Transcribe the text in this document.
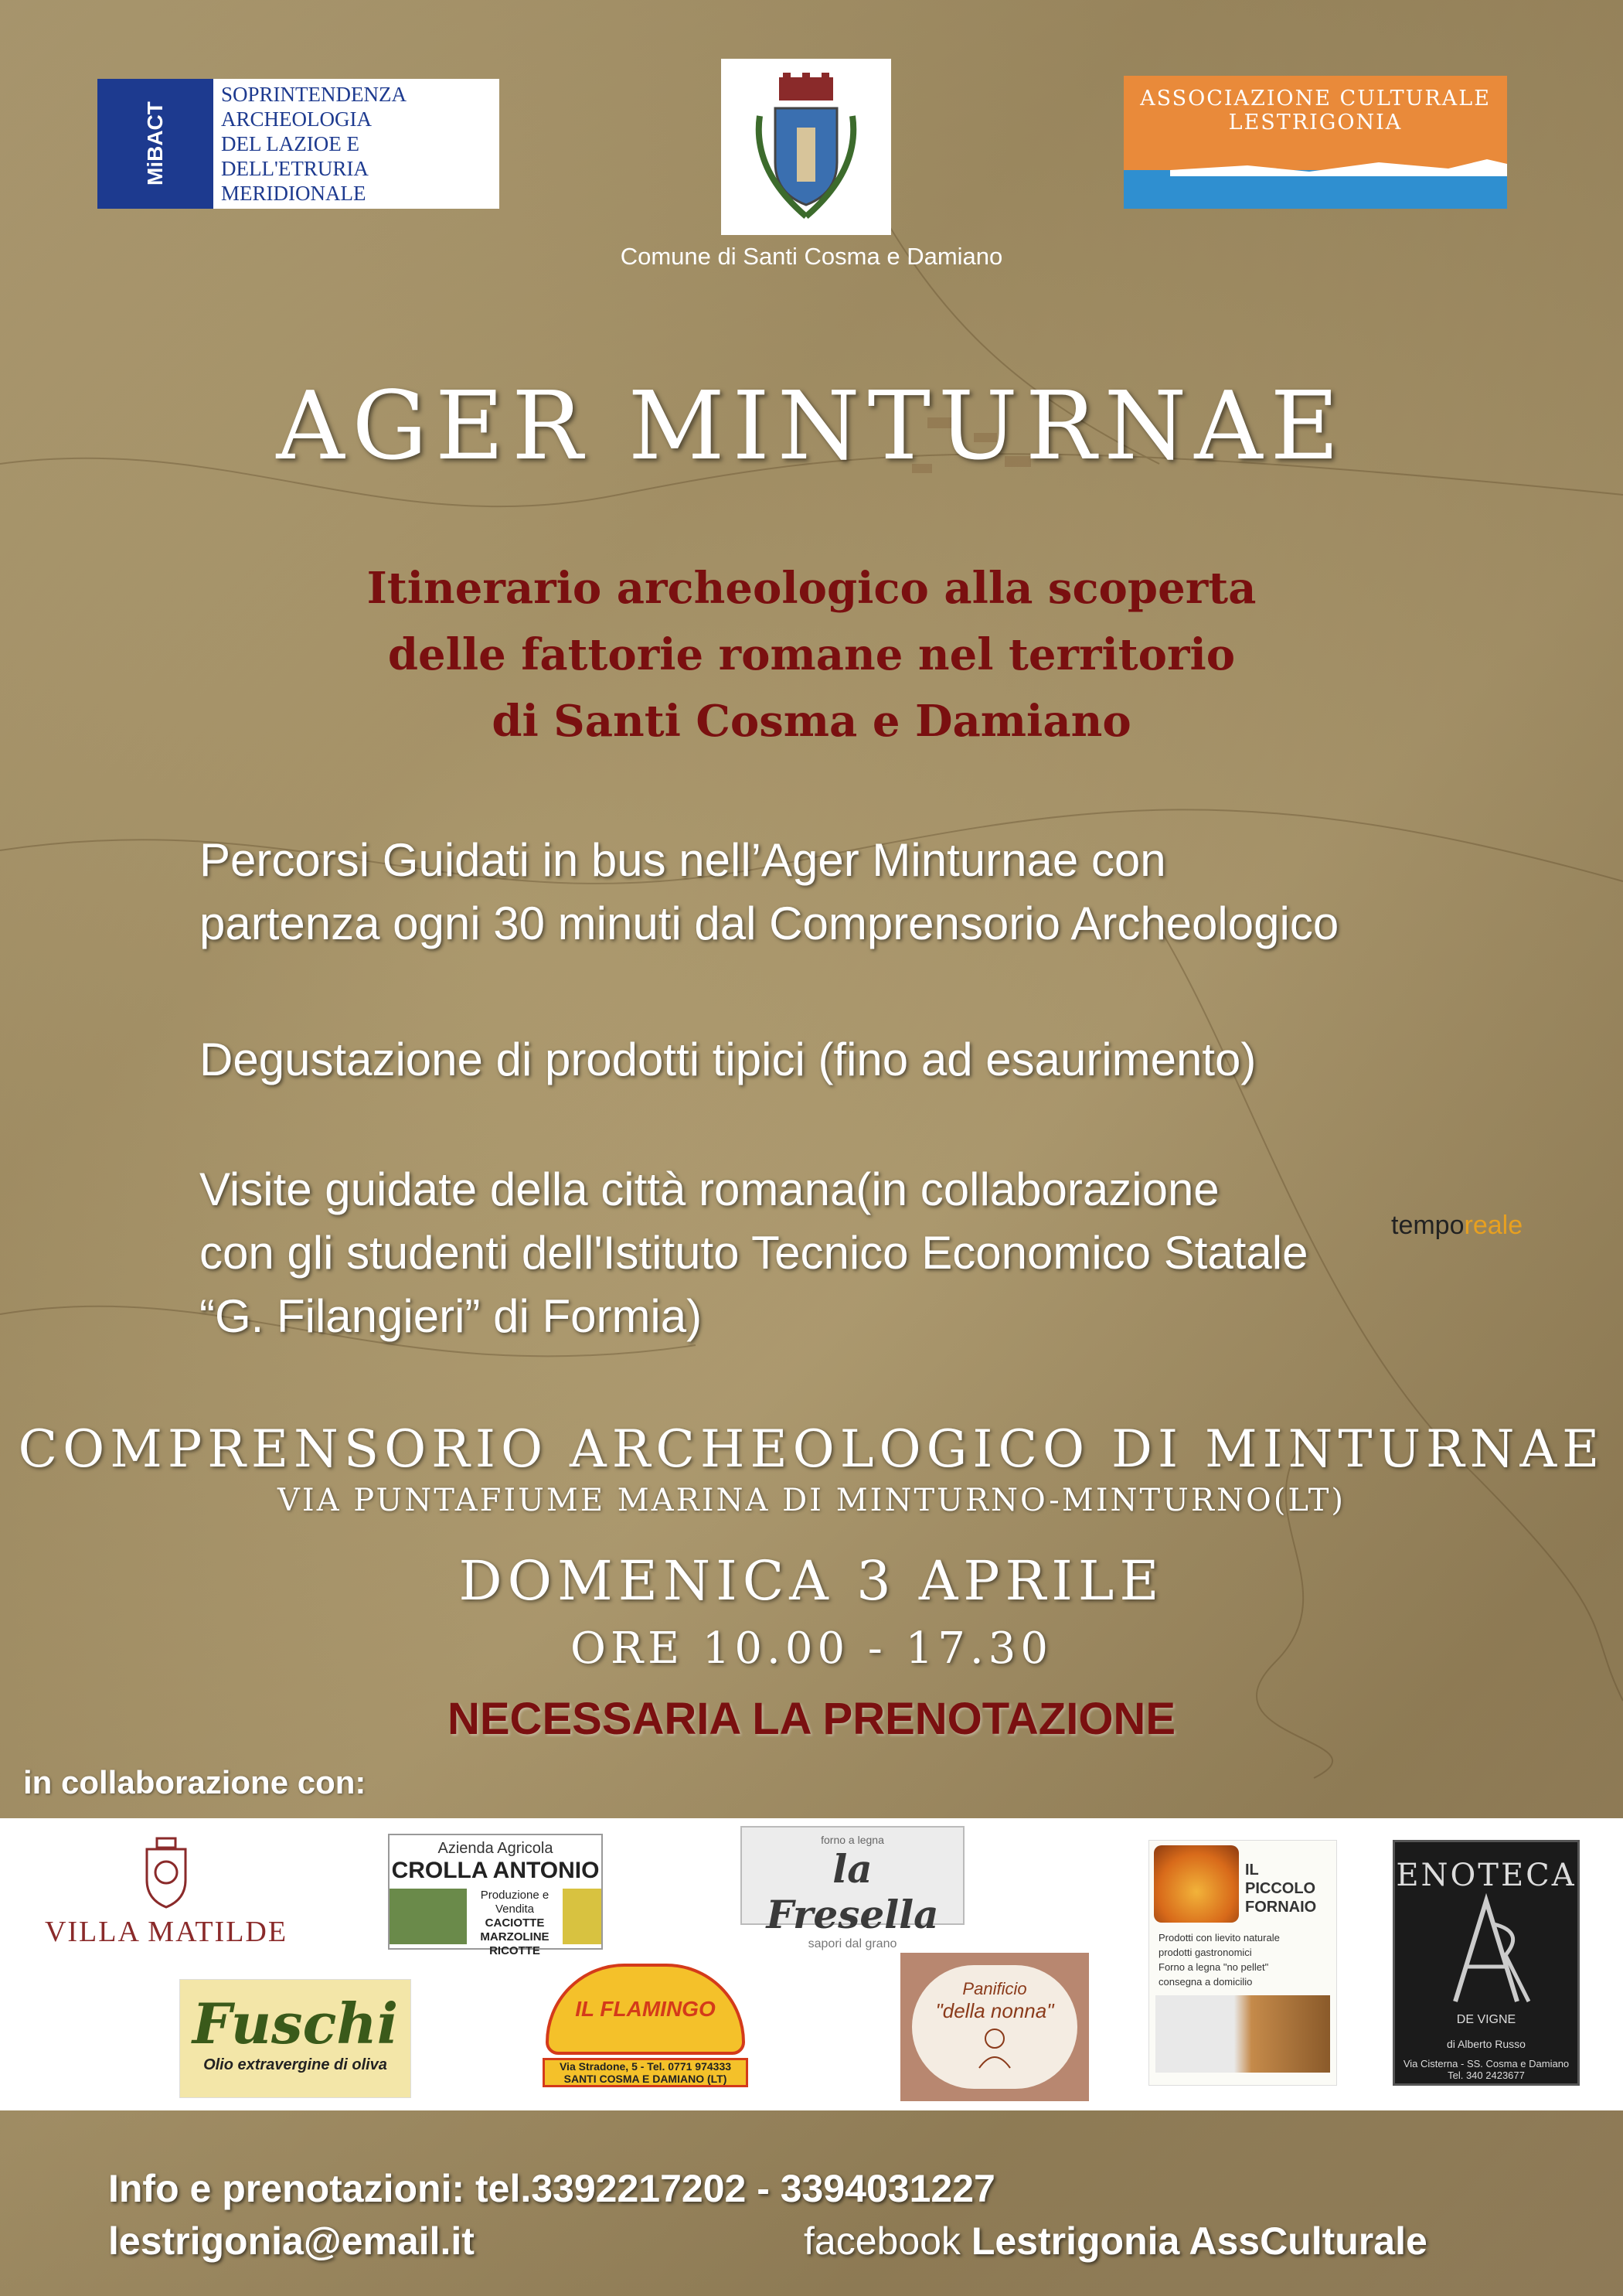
MiBACT
SOPRINTENDENZA
ARCHEOLOGIA
DEL LAZIOE E
DELL'ETRURIA MERIDIONALE
Comune di Santi Cosma e Damiano
ASSOCIAZIONE CULTURALE
LESTRIGONIA
AGER MINTURNAE
Itinerario archeologico alla scoperta
delle fattorie romane nel territorio
di Santi Cosma e Damiano
Percorsi Guidati in bus nell’Ager Minturnae con
partenza ogni 30 minuti dal Comprensorio Archeologico
Degustazione di prodotti tipici (fino ad esaurimento)
Visite guidate della città romana(in collaborazione
con gli studenti dell'Istituto Tecnico Economico Statale
“G. Filangieri” di Formia)
temporeale
COMPRENSORIO ARCHEOLOGICO DI MINTURNAE
VIA PUNTAFIUME MARINA DI MINTURNO-MINTURNO(LT)
DOMENICA 3 APRILE
ORE 10.00 - 17.30
NECESSARIA LA PRENOTAZIONE
in collaborazione con:
VILLA MATILDE
Azienda Agricola
CROLLA ANTONIO
Produzione e Vendita
CACIOTTE
MARZOLINE
RICOTTE
forno a legna
la Fresella
sapori dal grano
Panificio
"della nonna"
IL
PICCOLO
FORNAIO
Prodotti con lievito naturale
prodotti gastronomici
Forno a legna "no pellet"
consegna a domicilio
ENOTECA
DE VIGNE
di Alberto Russo
Via Cisterna - SS. Cosma e Damiano
Tel. 340 2423677
Fuschi
Olio extravergine di oliva
IL FLAMINGO
Via Stradone, 5 - Tel. 0771 974333
SANTI COSMA E DAMIANO (LT)
Info e prenotazioni: tel.3392217202 - 3394031227
lestrigonia@email.it	facebook Lestrigonia AssCulturale
